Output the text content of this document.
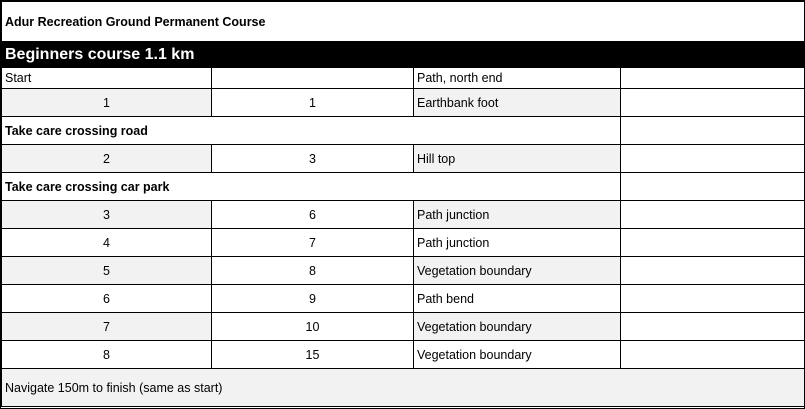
Adur Recreation Ground Permanent Course			
Beginners course 1.1 km			
Start		Path, north end	
1	1	Earthbank foot	
Take care crossing road			
2	3	Hill top	
Take care crossing car park			
3	6	Path junction	
4	7	Path junction	
5	8	Vegetation boundary	
6	9	Path bend	
7	10	Vegetation boundary	
8	15	Vegetation boundary	
Navigate 150m to finish (same as start)			
